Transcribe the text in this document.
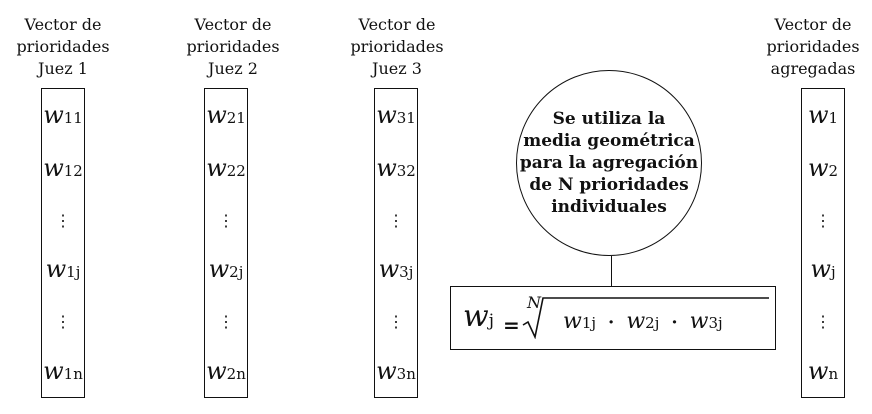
Vector de
prioridades
Juez 1
Vector de
prioridades
Juez 2
Vector de
prioridades
Juez 3
Vector de
prioridades
agregadas
w11
w12
⋮
w1j
⋮
w1n
w21
w22
⋮
w2j
⋮
w2n
w31
w32
⋮
w3j
⋮
w3n
w1
w2
⋮
wj
⋮
wn
Se utiliza la
media geométrica
para la agregación
de N prioridades
individuales
wj =
N
w1j · w2j · w3j
